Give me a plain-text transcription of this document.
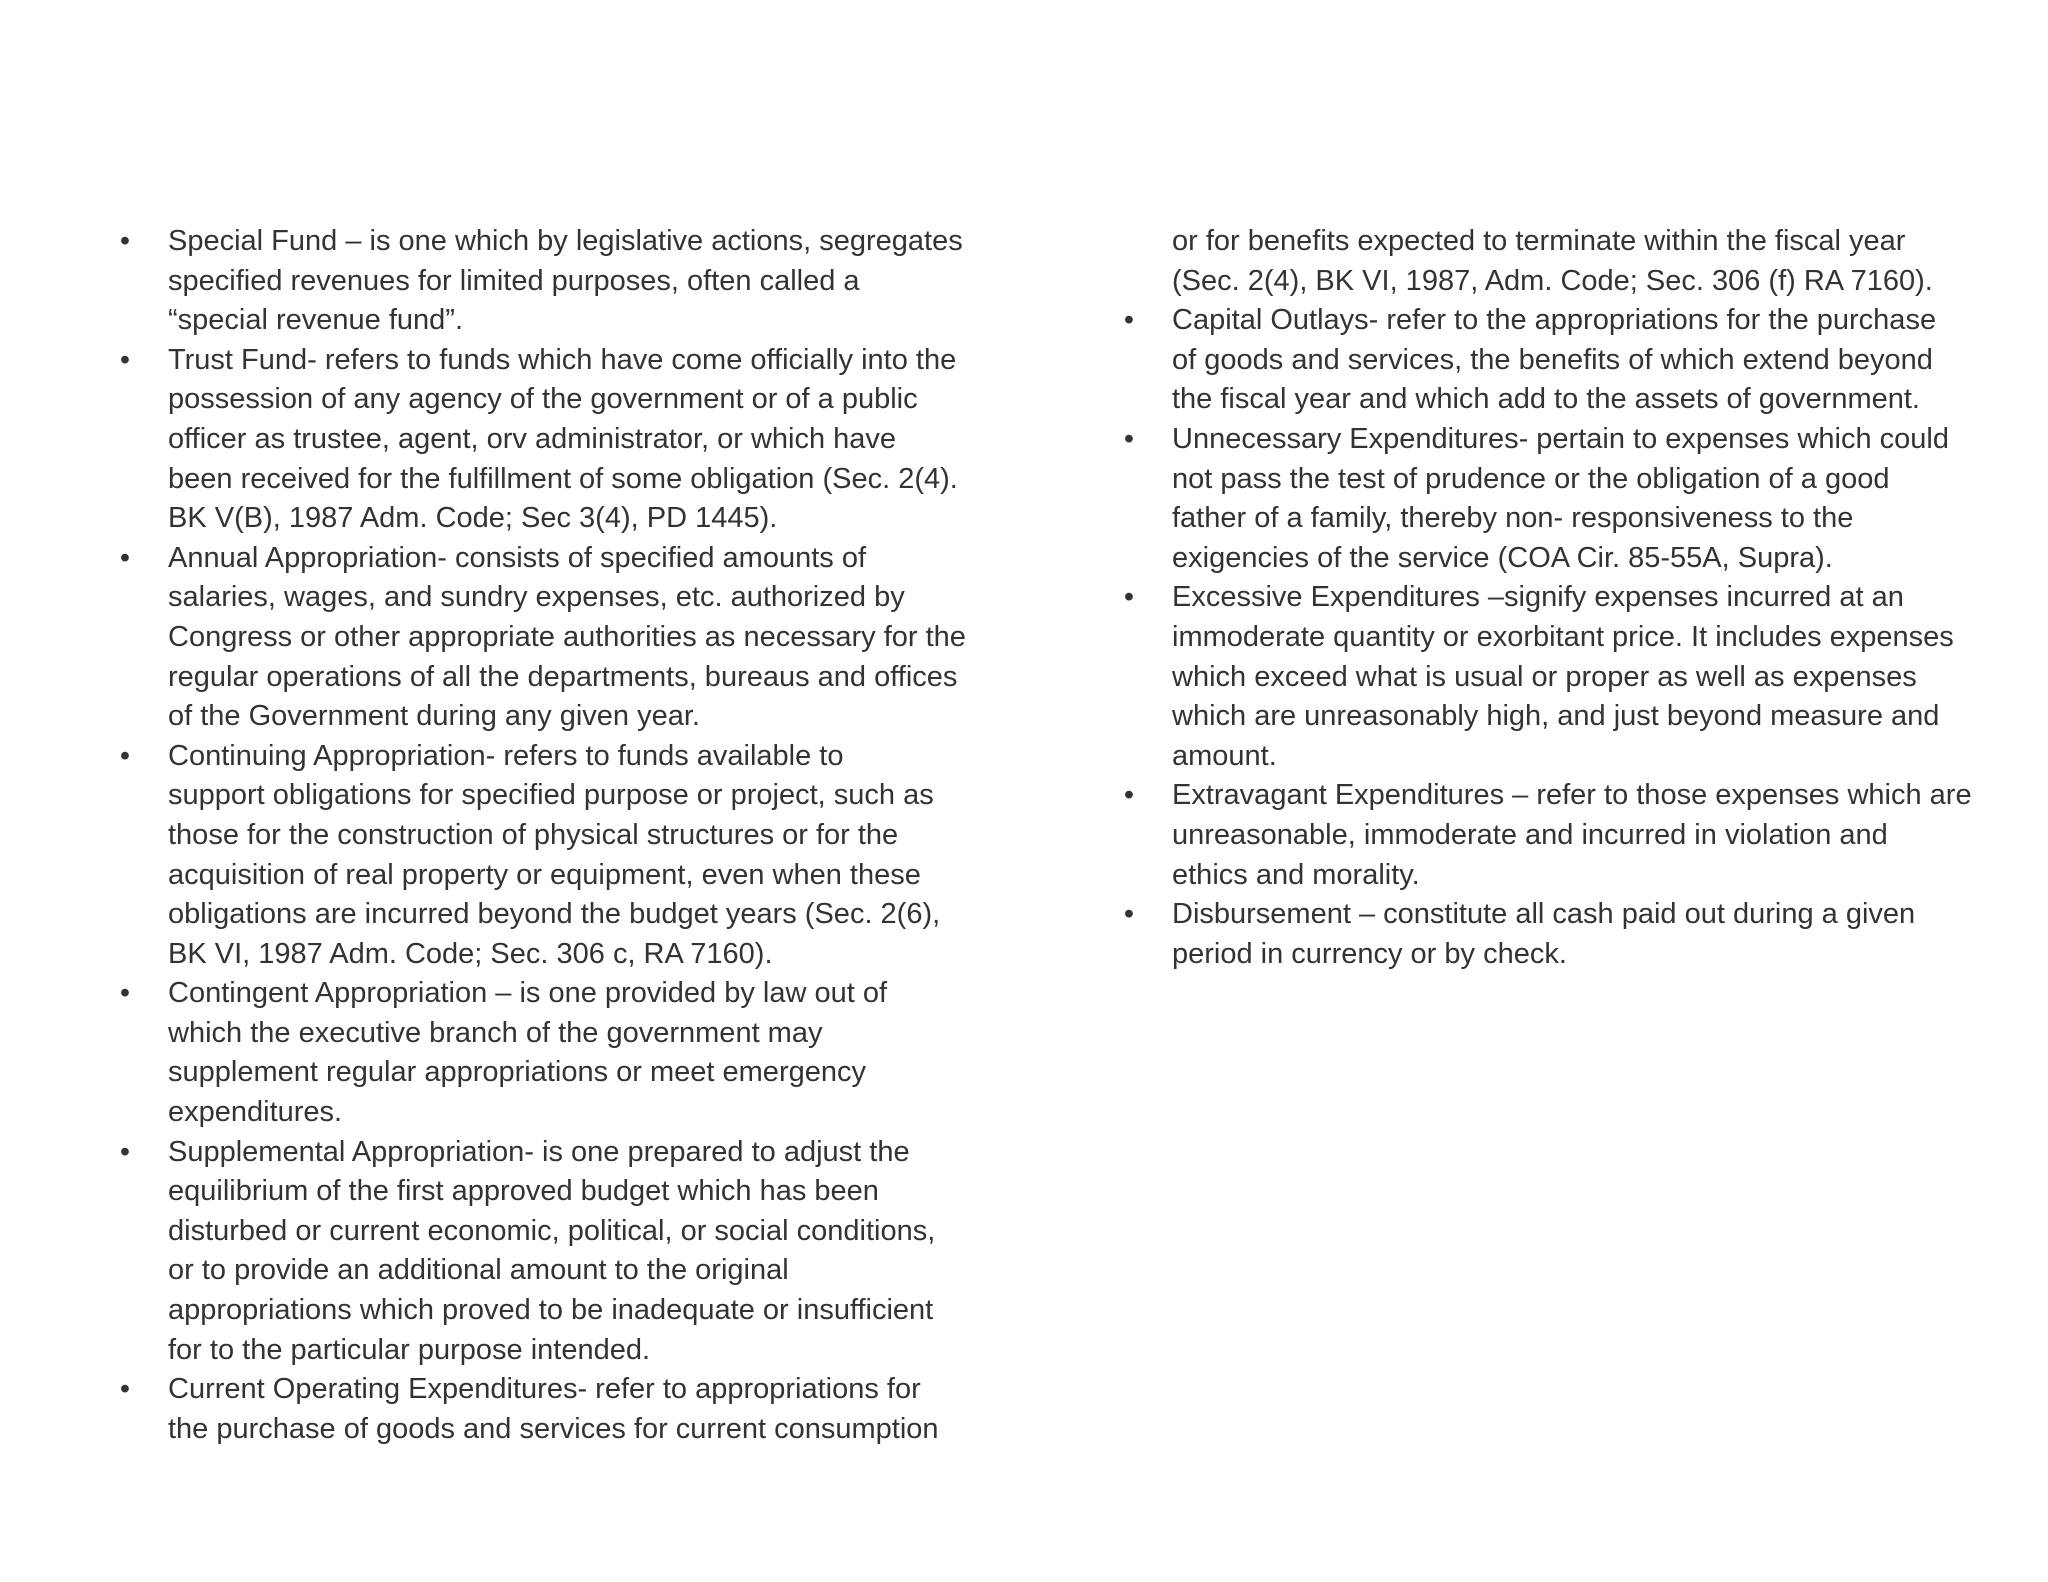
• Special Fund – is one which by legislative actions, segregates
specified revenues for limited purposes, often called a
“special revenue fund”.
• Trust Fund- refers to funds which have come officially into the
possession of any agency of the government or of a public
officer as trustee, agent, orv administrator, or which have
been received for the fulfillment of some obligation (Sec. 2(4).
BK V(B), 1987 Adm. Code; Sec 3(4), PD 1445).
• Annual Appropriation- consists of specified amounts of
salaries, wages, and sundry expenses, etc. authorized by
Congress or other appropriate authorities as necessary for the
regular operations of all the departments, bureaus and offices
of the Government during any given year.
• Continuing Appropriation- refers to funds available to
support obligations for specified purpose or project, such as
those for the construction of physical structures or for the
acquisition of real property or equipment, even when these
obligations are incurred beyond the budget years (Sec. 2(6),
BK VI, 1987 Adm. Code; Sec. 306 c, RA 7160).
• Contingent Appropriation – is one provided by law out of
which the executive branch of the government may
supplement regular appropriations or meet emergency
expenditures.
• Supplemental Appropriation- is one prepared to adjust the
equilibrium of the first approved budget which has been
disturbed or current economic, political, or social conditions,
or to provide an additional amount to the original
appropriations which proved to be inadequate or insufficient
for to the particular purpose intended.
• Current Operating Expenditures- refer to appropriations for
the purchase of goods and services for current consumption
or for benefits expected to terminate within the fiscal year
(Sec. 2(4), BK VI, 1987, Adm. Code; Sec. 306 (f) RA 7160).
• Capital Outlays- refer to the appropriations for the purchase
of goods and services, the benefits of which extend beyond
the fiscal year and which add to the assets of government.
• Unnecessary Expenditures- pertain to expenses which could
not pass the test of prudence or the obligation of a good
father of a family, thereby non- responsiveness to the
exigencies of the service (COA Cir. 85-55A, Supra).
• Excessive Expenditures –signify expenses incurred at an
immoderate quantity or exorbitant price. It includes expenses
which exceed what is usual or proper as well as expenses
which are unreasonably high, and just beyond measure and
amount.
• Extravagant Expenditures – refer to those expenses which are
unreasonable, immoderate and incurred in violation and
ethics and morality.
• Disbursement – constitute all cash paid out during a given
period in currency or by check.
